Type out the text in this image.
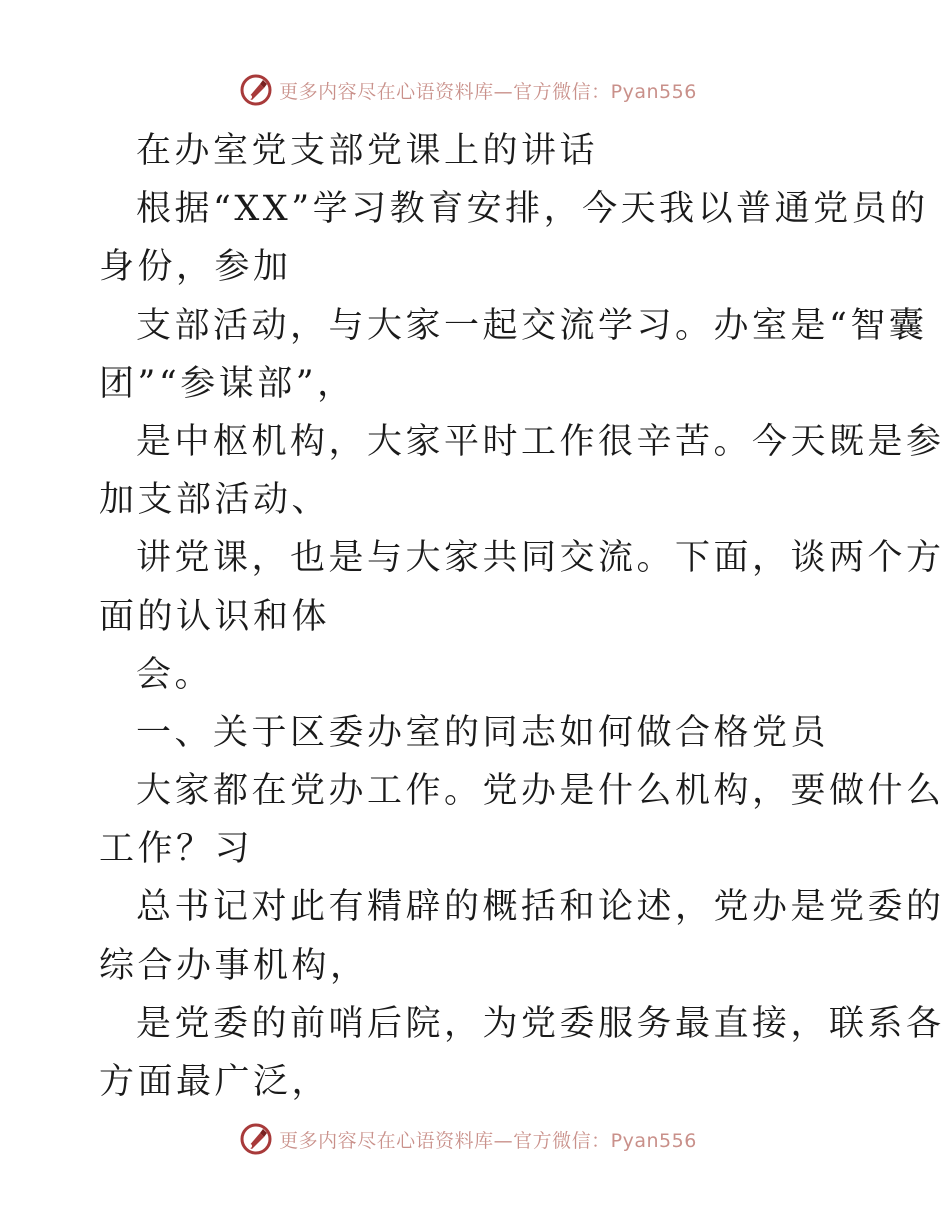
更多内容尽在心语资料库—官方微信：Pyan556
在办室党支部党课上的讲话
根据“XX”学习教育安排，今天我以普通党员的
身份，参加
支部活动，与大家一起交流学习。办室是“智囊
团”“参谋部”，
是中枢机构，大家平时工作很辛苦。今天既是参
加支部活动、
讲党课，也是与大家共同交流。下面，谈两个方
面的认识和体
会。
一、关于区委办室的同志如何做合格党员
大家都在党办工作。党办是什么机构，要做什么
工作？习
总书记对此有精辟的概括和论述，党办是党委的
综合办事机构，
是党委的前哨后院，为党委服务最直接，联系各
方面最广泛，
更多内容尽在心语资料库—官方微信：Pyan556
